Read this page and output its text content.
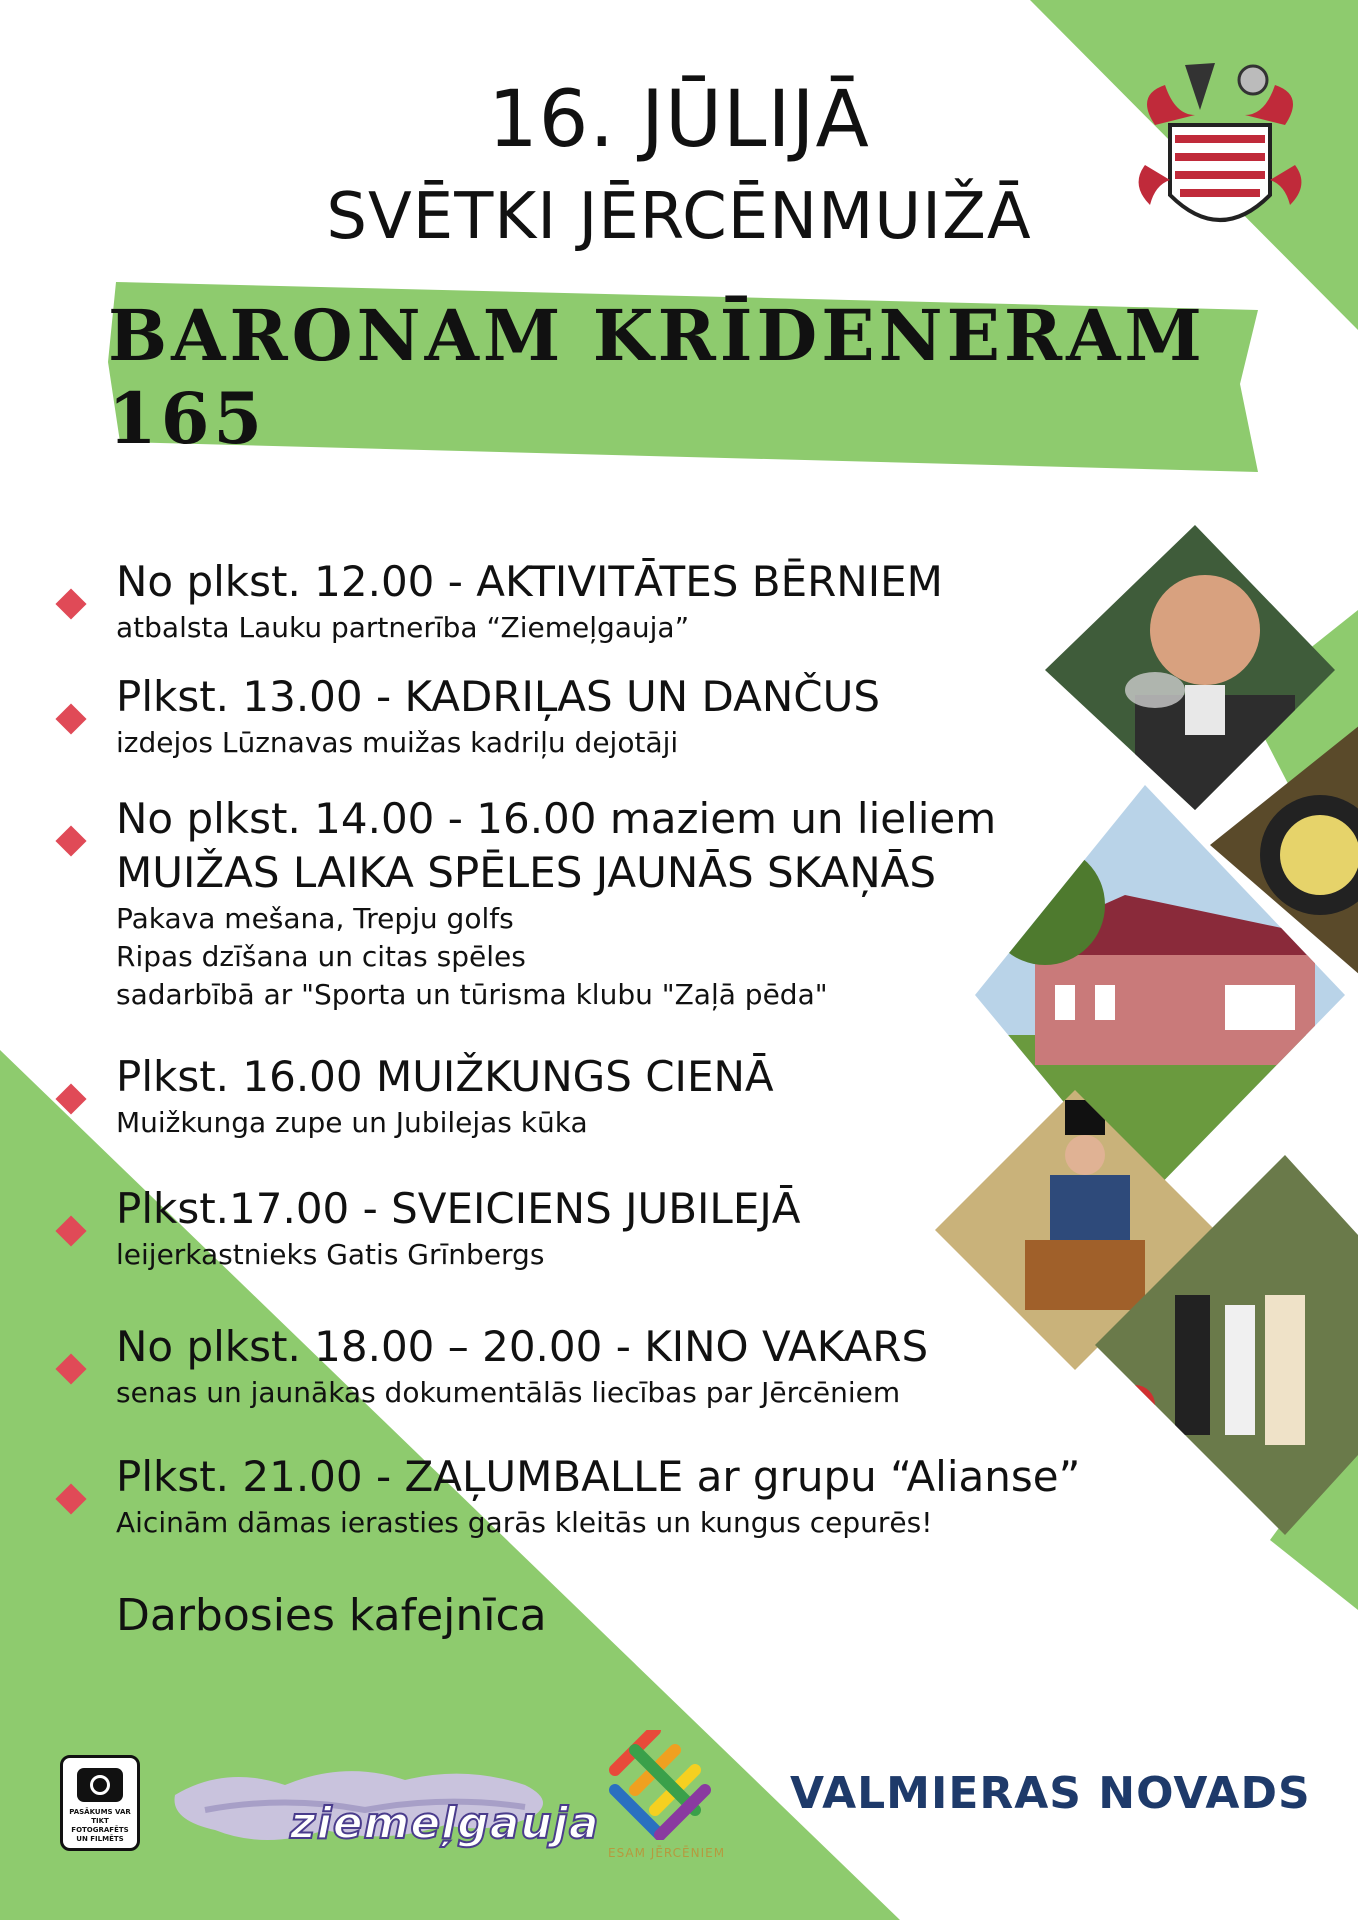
16. JŪLIJĀ
SVĒTKI JĒRCĒNMUIŽĀ
BARONAM KRĪDENERAM 165
No plkst. 12.00 - AKTIVITĀTES BĒRNIEM
atbalsta Lauku partnerība “Ziemeļgauja”
Plkst. 13.00 - KADRIĻAS UN DANČUS
izdejos Lūznavas muižas kadriļu dejotāji
No plkst. 14.00 - 16.00 maziem un lieliem
MUIŽAS LAIKA SPĒLES JAUNĀS SKAŅĀS
Pakava mešana, Trepju golfs
Ripas dzīšana un citas spēles
sadarbībā ar "Sporta un tūrisma klubu "Zaļā pēda"
Plkst. 16.00 MUIŽKUNGS CIENĀ
Muižkunga zupe un Jubilejas kūka
Plkst.17.00 - SVEICIENS JUBILEJĀ
leijerkastnieks Gatis Grīnbergs
No plkst. 18.00 – 20.00 - KINO VAKARS
senas un jaunākas dokumentālās liecības par Jērcēniem
Plkst. 21.00 - ZAĻUMBALLE ar grupu “Alianse”
Aicinām dāmas ierasties garās kleitās un kungus cepurēs!
Darbosies kafejnīca
PASĀKUMS VAR TIKT FOTOGRAFĒTS UN FILMĒTS	ziemeļgauja
ESAM JĒRCĒNIEM
VALMIERAS NOVADS
